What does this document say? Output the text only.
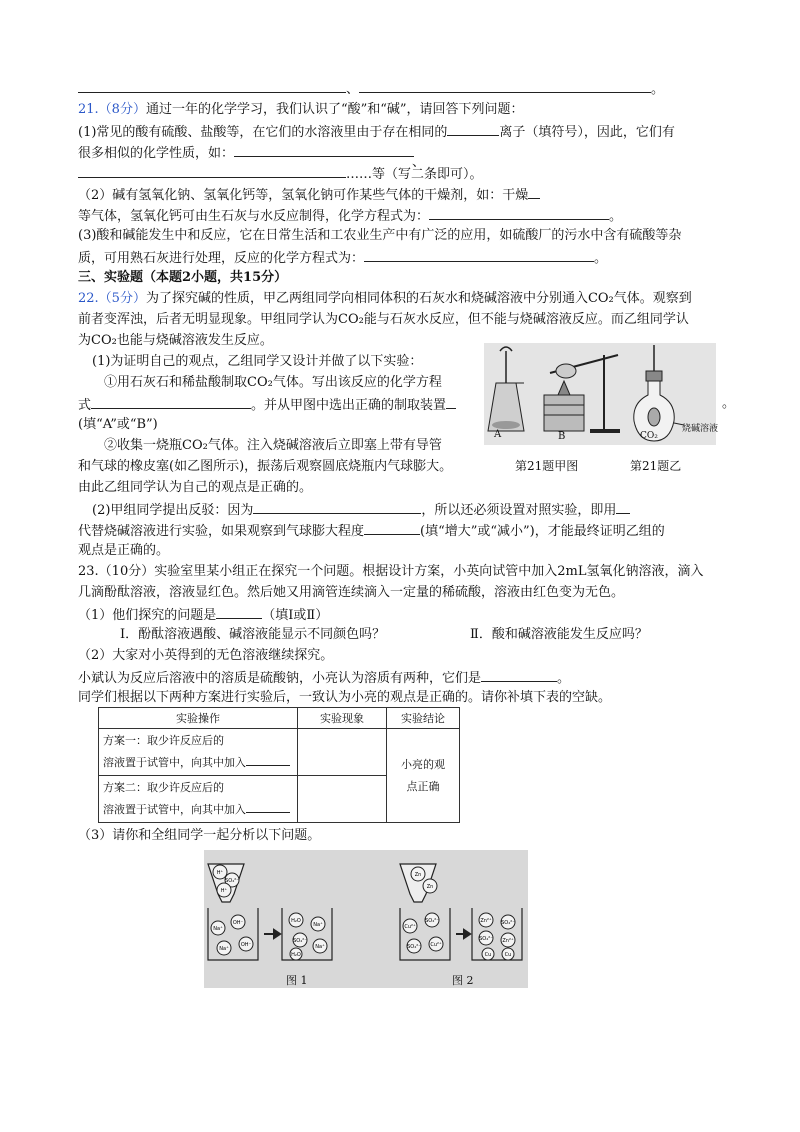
、	。
21.（8分）通过一年的化学学习，我们认识了“酸”和“碱”，请回答下列问题：
(1)常见的酸有硫酸、盐酸等，在它们的水溶液里由于存在相同的	离子（填符号），因此，它们有
很多相似的化学性质，如：
……等（写二条即可）。
、
（2）碱有氢氧化钠、氢氧化钙等，氢氧化钠可作某些气体的干燥剂，如：干燥
等气体，氢氧化钙可由生石灰与水反应制得，化学方程式为：	。
(3)酸和碱能发生中和反应，它在日常生活和工农业生产中有广泛的应用，如硫酸厂的污水中含有硫酸等杂
质，可用熟石灰进行处理，反应的化学方程式为：	。
三、实验题（本题2小题，共15分）
22.（5分）为了探究碱的性质，甲乙两组同学向相同体积的石灰水和烧碱溶液中分别通入CO₂气体。观察到
前者变浑浊，后者无明显现象。甲组同学认为CO₂能与石灰水反应，但不能与烧碱溶液反应。而乙组同学认
为CO₂也能与烧碱溶液发生反应。
(1)为证明自己的观点，乙组同学又设计并做了以下实验：
①用石灰石和稀盐酸制取CO₂气体。写出该反应的化学方程
式	。并从甲图中选出正确的制取装置	。
(填“A”或“B”)
②收集一烧瓶CO₂气体。注入烧碱溶液后立即塞上带有导管
和气球的橡皮塞(如乙图所示)，振荡后观察圆底烧瓶内气球膨大。
由此乙组同学认为自己的观点是正确的。
(2)甲组同学提出反驳：因为	，所以还必须设置对照实验，即用
代替烧碱溶液进行实验，如果观察到气球膨大程度	(填“增大”或“减小”)，才能最终证明乙组的
观点是正确的。
A	B
烧碱溶液
CO₂
第21题甲图	第21题乙
23.（10分）实验室里某小组正在探究一个问题。根据设计方案，小英向试管中加入2mL氢氧化钠溶液，滴入
几滴酚酞溶液，溶液显红色。然后她又用滴管连续滴入一定量的稀硫酸，溶液由红色变为无色。
（1）他们探究的问题是	（填Ⅰ或Ⅱ）
Ⅰ．酚酞溶液遇酸、碱溶液能显示不同颜色吗？	Ⅱ．酸和碱溶液能发生反应吗？
（2）大家对小英得到的无色溶液继续探究。
小斌认为反应后溶液中的溶质是硫酸钠，小亮认为溶质有两种，它们是	。
同学们根据以下两种方案进行实验后，一致认为小亮的观点是正确的。请你补填下表的空缺。
实验操作	实验现象	实验结论

方案一：取少许反应后的
溶液置于试管中，向其中加入		小亮的观点正确

方案二：取少许反应后的
溶液置于试管中，向其中加入		

（3）请你和全组同学一起分析以下问题。
H⁺
SO₄²⁻
H⁺
Na⁺
OH⁻
Na⁺
OH⁻
H₂O
Na⁺
SO₄²⁻
Na⁺
H₂O
Zn
Zn
Cu²⁺
SO₄²⁻
SO₄²⁻ Cu²⁺
Zn²⁺ SO₄²⁻
SO₄²⁻ Zn²⁺
Cu	Cu
图 1	图 2
